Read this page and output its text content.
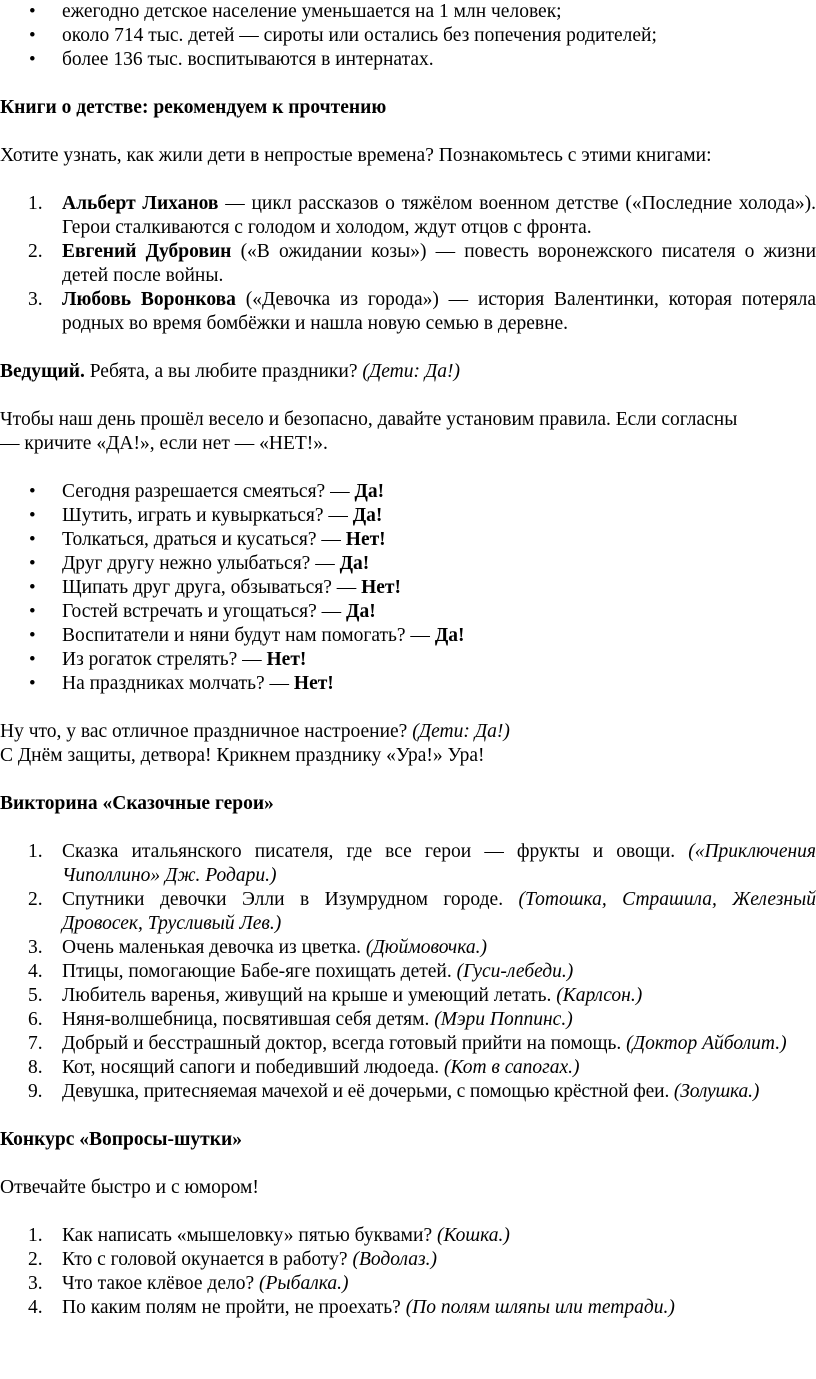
• ежегодно детское население уменьшается на 1 млн человек;
• около 714 тыс. детей — сироты или остались без попечения родителей;
• более 136 тыс. воспитываются в интернатах.

Книги о детстве: рекомендуем к прочтению

Хотите узнать, как жили дети в непростые времена? Познакомьтесь с этими книгами:

1. Альберт Лиханов — цикл рассказов о тяжёлом военном детстве («Последние холода»). Герои сталкиваются с голодом и холодом, ждут отцов с фронта.
2. Евгений Дубровин («В ожидании козы») — повесть воронежского писателя о жизни детей после войны.
3. Любовь Воронкова («Девочка из города») — история Валентинки, которая потеряла родных во время бомбёжки и нашла новую семью в деревне.

Ведущий. Ребята, а вы любите праздники? (Дети: Да!)

Чтобы наш день прошёл весело и безопасно, давайте установим правила. Если согласны
— кричите «ДА!», если нет — «НЕТ!».

• Сегодня разрешается смеяться? — Да!
• Шутить, играть и кувыркаться? — Да!
• Толкаться, драться и кусаться? — Нет!
• Друг другу нежно улыбаться? — Да!
• Щипать друг друга, обзываться? — Нет!
• Гостей встречать и угощаться? — Да!
• Воспитатели и няни будут нам помогать? — Да!
• Из рогаток стрелять? — Нет!
• На праздниках молчать? — Нет!

Ну что, у вас отличное праздничное настроение? (Дети: Да!)

С Днём защиты, детвора! Крикнем празднику «Ура!» Ура!

Викторина «Сказочные герои»

1. Сказка итальянского писателя, где все герои — фрукты и овощи. («Приключения Чиполлино» Дж. Родари.)
2. Спутники девочки Элли в Изумрудном городе. (Тотошка, Страшила, Железный Дровосек, Трусливый Лев.)
3. Очень маленькая девочка из цветка. (Дюймовочка.)
4. Птицы, помогающие Бабе-яге похищать детей. (Гуси-лебеди.)
5. Любитель варенья, живущий на крыше и умеющий летать. (Карлсон.)
6. Няня-волшебница, посвятившая себя детям. (Мэри Поппинс.)
7. Добрый и бесстрашный доктор, всегда готовый прийти на помощь. (Доктор Айболит.)
8. Кот, носящий сапоги и победивший людоеда. (Кот в сапогах.)
9. Девушка, притесняемая мачехой и её дочерьми, с помощью крёстной феи. (Золушка.)

Конкурс «Вопросы-шутки»

Отвечайте быстро и с юмором!

1. Как написать «мышеловку» пятью буквами? (Кошка.)
2. Кто с головой окунается в работу? (Водолаз.)
3. Что такое клёвое дело? (Рыбалка.)
4. По каким полям не пройти, не проехать? (По полям шляпы или тетради.)
